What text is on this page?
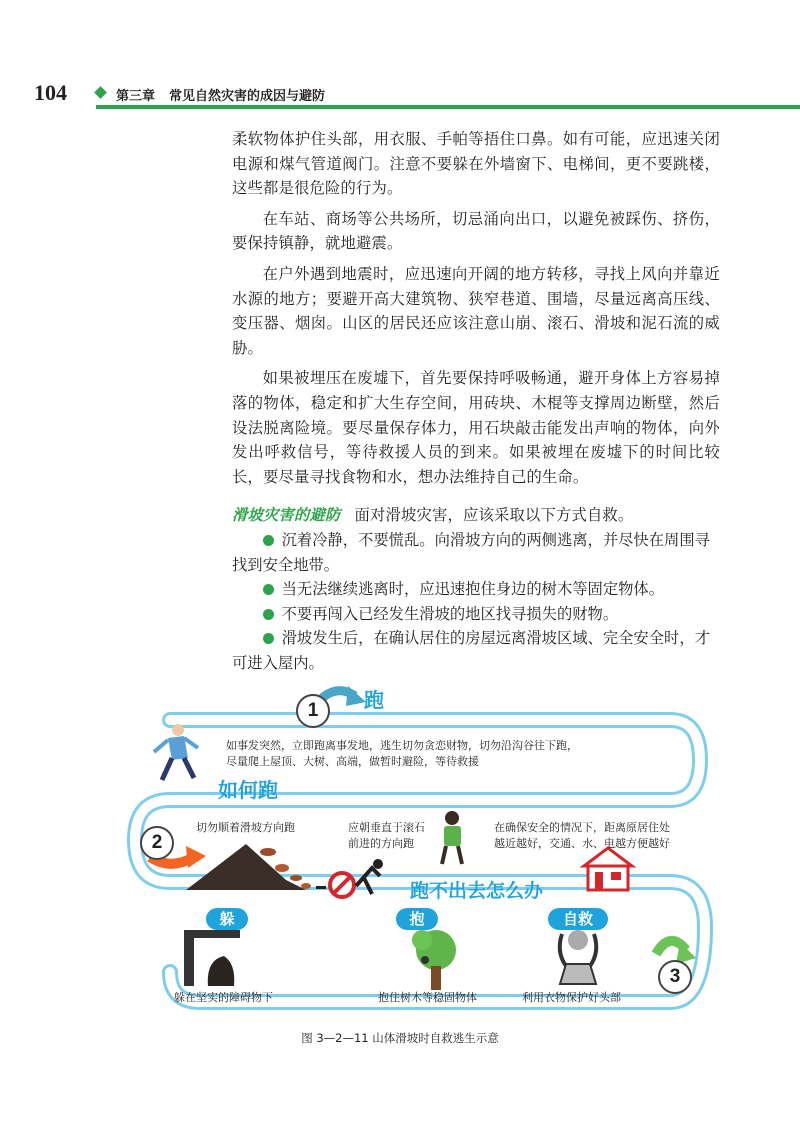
104	第三章 常见自然灾害的成因与避防

柔软物体护住头部，用衣服、手帕等捂住口鼻。如有可能，应迅速关闭电源和煤气管道阀门。注意不要躲在外墙窗下、电梯间，更不要跳楼，这些都是很危险的行为。

在车站、商场等公共场所，切忌涌向出口，以避免被踩伤、挤伤，要保持镇静，就地避震。

在户外遇到地震时，应迅速向开阔的地方转移，寻找上风向并靠近水源的地方；要避开高大建筑物、狭窄巷道、围墙，尽量远离高压线、变压器、烟囱。山区的居民还应该注意山崩、滚石、滑坡和泥石流的威胁。

如果被埋压在废墟下，首先要保持呼吸畅通，避开身体上方容易掉落的物体，稳定和扩大生存空间，用砖块、木棍等支撑周边断壁，然后设法脱离险境。要尽量保存体力，用石块敲击能发出声响的物体，向外发出呼救信号，等待救援人员的到来。如果被埋在废墟下的时间比较长，要尽量寻找食物和水，想办法维持自己的生命。

滑坡灾害的避防 面对滑坡灾害，应该采取以下方式自救。

沉着冷静，不要慌乱。向滑坡方向的两侧逃离，并尽快在周围寻找到安全地带。

当无法继续逃离时，应迅速抱住身边的树木等固定物体。

不要再闯入已经发生滑坡的地区找寻损失的财物。

滑坡发生后，在确认居住的房屋远离滑坡区域、完全安全时，才可进入屋内。

1
2
3
跑
如何跑
跑不出去怎么办
如事发突然，立即跑离事发地，逃生切勿贪恋财物，切勿沿沟谷往下跑，
尽量爬上屋顶、大树、高端，做暂时避险，等待救援
切勿顺着滑坡方向跑	应朝垂直于滚石
前进的方向跑
在确保安全的情况下，距离原居住处
越近越好，交通、水、电越方便越好
躲	抱	自救
躲在坚实的障碍物下	抱住树木等稳固物体	利用衣物保护好头部
图 3—2—11 山体滑坡时自救逃生示意
